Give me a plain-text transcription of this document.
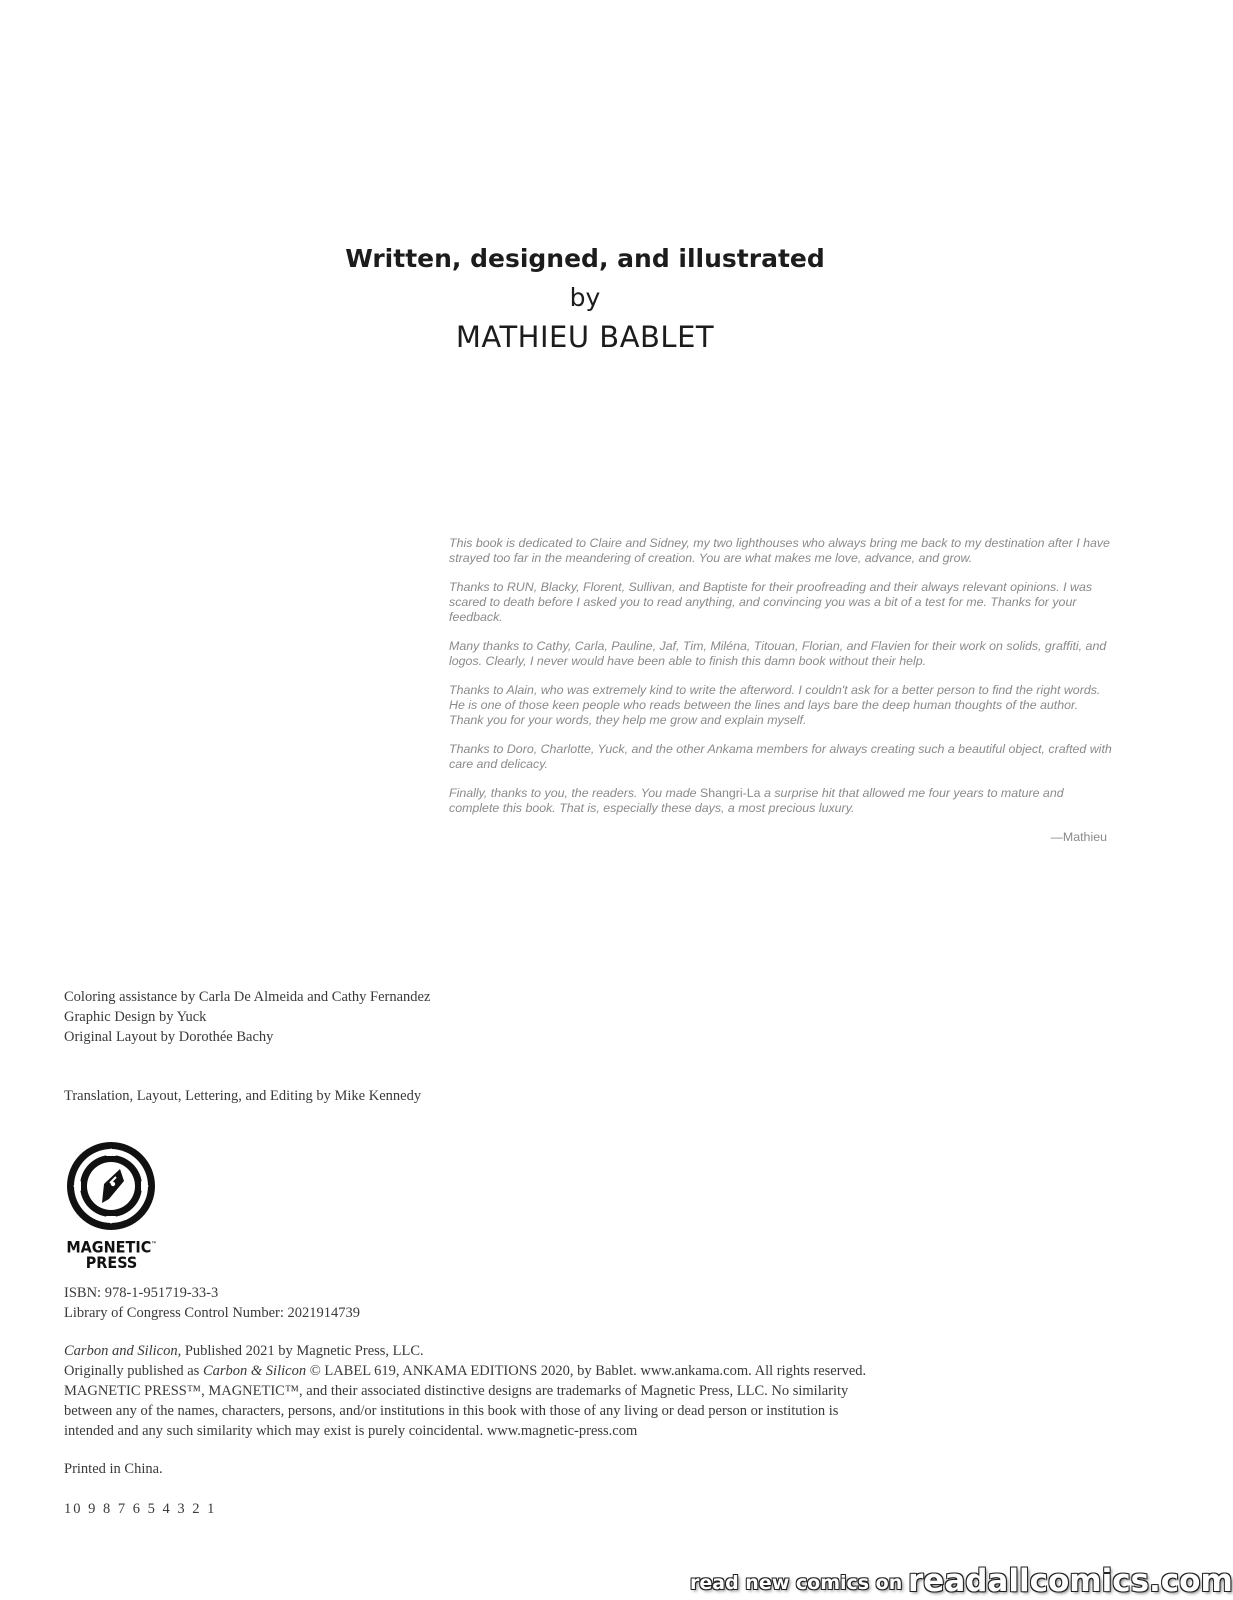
Written, designed, and illustrated
by
MATHIEU BABLET

This book is dedicated to Claire and Sidney, my two lighthouses who always bring me back to my destination after I have strayed too far in the meandering of creation. You are what makes me love, advance, and grow.

Thanks to RUN, Blacky, Florent, Sullivan, and Baptiste for their proofreading and their always relevant opinions. I was scared to death before I asked you to read anything, and convincing you was a bit of a test for me. Thanks for your feedback.

Many thanks to Cathy, Carla, Pauline, Jaf, Tim, Miléna, Titouan, Florian, and Flavien for their work on solids, graffiti, and logos. Clearly, I never would have been able to finish this damn book without their help.

Thanks to Alain, who was extremely kind to write the afterword. I couldn't ask for a better person to find the right words. He is one of those keen people who reads between the lines and lays bare the deep human thoughts of the author. Thank you for your words, they help me grow and explain myself.

Thanks to Doro, Charlotte, Yuck, and the other Ankama members for always creating such a beautiful object, crafted with care and delicacy.

Finally, thanks to you, the readers. You made Shangri-La a surprise hit that allowed me four years to mature and complete this book. That is, especially these days, a most precious luxury.

—Mathieu
Coloring assistance by Carla De Almeida and Cathy Fernandez
Graphic Design by Yuck
Original Layout by Dorothée Bachy
Translation, Layout, Lettering, and Editing by Mike Kennedy
MAGNETIC™
PRESS
ISBN: 978-1-951719-33-3
Library of Congress Control Number: 2021914739
Carbon and Silicon, Published 2021 by Magnetic Press, LLC.
Originally published as Carbon & Silicon © LABEL 619, ANKAMA EDITIONS 2020, by Bablet. www.ankama.com. All rights reserved.
MAGNETIC PRESS™, MAGNETIC™, and their associated distinctive designs are trademarks of Magnetic Press, LLC. No similarity
between any of the names, characters, persons, and/or institutions in this book with those of any living or dead person or institution is
intended and any such similarity which may exist is purely coincidental. www.magnetic-press.com
Printed in China.
10 9 8 7 6 5 4 3 2 1
read new comics on readallcomics.com
